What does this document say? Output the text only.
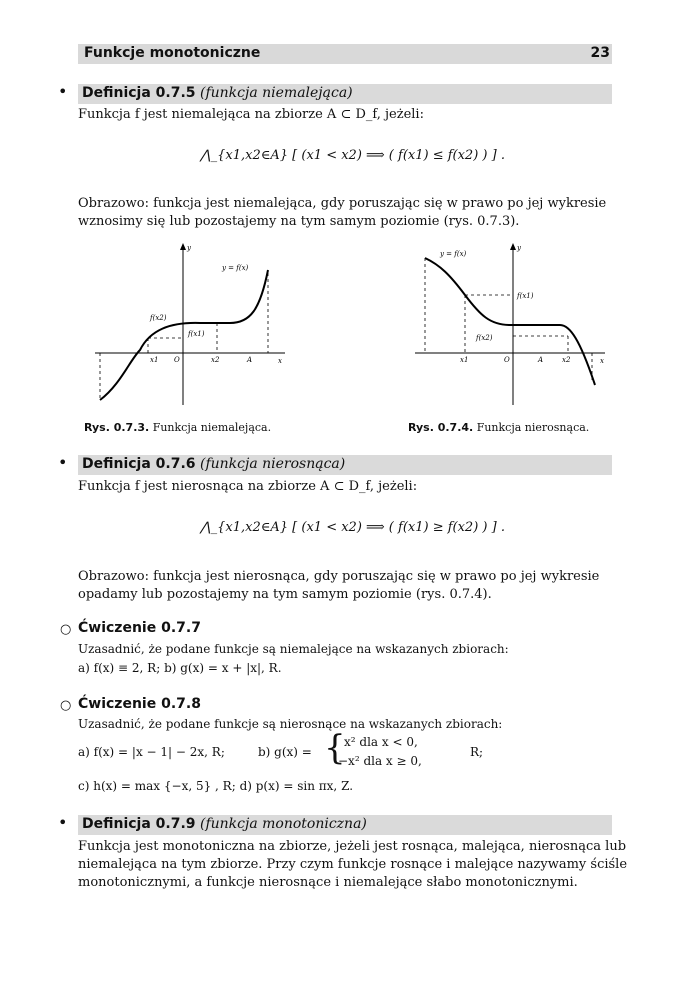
Funkcje monotoniczne	23
• Definicja 0.7.5 (funkcja niemalejąca)
Funkcja f jest niemalejąca na zbiorze A ⊂ D_f, jeżeli:
⋀_{x1,x2∈A} [ (x1 < x2) ⟹ ( f(x1) ≤ f(x2) ) ] .
Obrazowo: funkcja jest niemalejąca, gdy poruszając się w prawo po jej wykresie
wznosimy się lub pozostajemy na tym samym poziomie (rys. 0.7.3).
y
x
y = f(x)
f(x2)
f(x1)
x1 O	x2	A
Rys. 0.7.3. Funkcja niemalejąca.
y
x
y = f(x)
f(x1)
f(x2)
x1	O	A	x2
Rys. 0.7.4. Funkcja nierosnąca.
• Definicja 0.7.6 (funkcja nierosnąca)
Funkcja f jest nierosnąca na zbiorze A ⊂ D_f, jeżeli:
⋀_{x1,x2∈A} [ (x1 < x2) ⟹ ( f(x1) ≥ f(x2) ) ] .
Obrazowo: funkcja jest nierosnąca, gdy poruszając się w prawo po jej wykresie
opadamy lub pozostajemy na tym samym poziomie (rys. 0.7.4).
○ Ćwiczenie 0.7.7
Uzasadnić, że podane funkcje są niemalejące na wskazanych zbiorach:
a) f(x) ≡ 2, R; b) g(x) = x + |x|, R.
○ Ćwiczenie 0.7.8
Uzasadnić, że podane funkcje są nierosnące na wskazanych zbiorach:
a) f(x) = |x − 1| − 2x, R;	b) g(x) = {
x² dla x < 0,
−x² dla x ≥ 0,
R;
c) h(x) = max {−x, 5} , R; d) p(x) = sin πx, Z.
• Definicja 0.7.9 (funkcja monotoniczna)
Funkcja jest monotoniczna na zbiorze, jeżeli jest rosnąca, malejąca, nierosnąca lub
niemalejąca na tym zbiorze. Przy czym funkcje rosnące i malejące nazywamy ściśle
monotonicznymi, a funkcje nierosnące i niemalejące słabo monotonicznymi.
